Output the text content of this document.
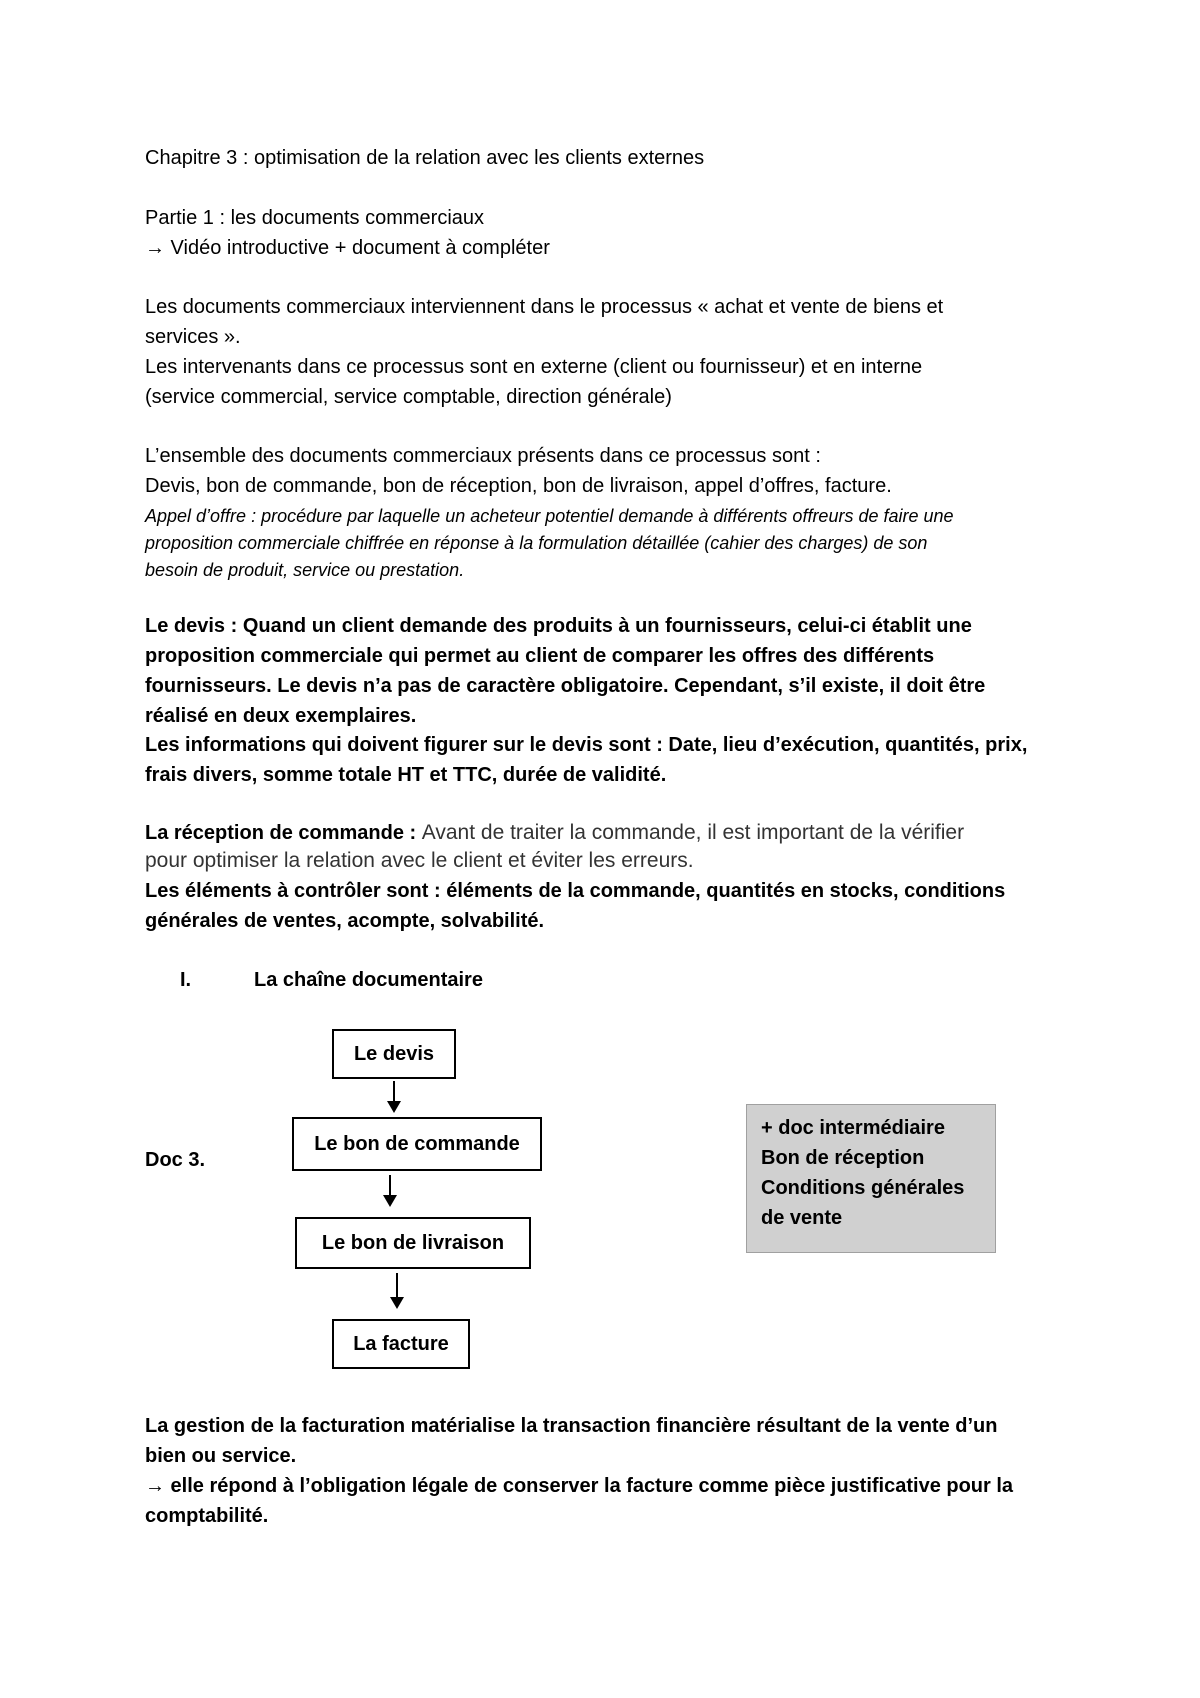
Chapitre 3 : optimisation de la relation avec les clients externes
Partie 1 : les documents commerciaux
→ Vidéo introductive + document à compléter
Les documents commerciaux interviennent dans le processus « achat et vente de biens et
services ».
Les intervenants dans ce processus sont en externe (client ou fournisseur) et en interne
(service commercial, service comptable, direction générale)
L’ensemble des documents commerciaux présents dans ce processus sont :
Devis, bon de commande, bon de réception, bon de livraison, appel d’offres, facture.
Appel d’offre : procédure par laquelle un acheteur potentiel demande à différents offreurs de faire une
proposition commerciale chiffrée en réponse à la formulation détaillée (cahier des charges) de son
besoin de produit, service ou prestation.
Le devis : Quand un client demande des produits à un fournisseurs, celui-ci établit une
proposition commerciale qui permet au client de comparer les offres des différents
fournisseurs. Le devis n’a pas de caractère obligatoire. Cependant, s’il existe, il doit être
réalisé en deux exemplaires.
Les informations qui doivent figurer sur le devis sont : Date, lieu d’exécution, quantités, prix,
frais divers, somme totale HT et TTC, durée de validité.
La réception de commande : Avant de traiter la commande, il est important de la vérifier
pour optimiser la relation avec le client et éviter les erreurs.
Les éléments à contrôler sont : éléments de la commande, quantités en stocks, conditions
générales de ventes, acompte, solvabilité.
I.	La chaîne documentaire
Le devis
Le bon de commande
Le bon de livraison
La facture
Doc 3.
+ doc intermédiaire
Bon de réception
Conditions générales
de vente
La gestion de la facturation matérialise la transaction financière résultant de la vente d’un
bien ou service.
→ elle répond à l’obligation légale de conserver la facture comme pièce justificative pour la
comptabilité.
